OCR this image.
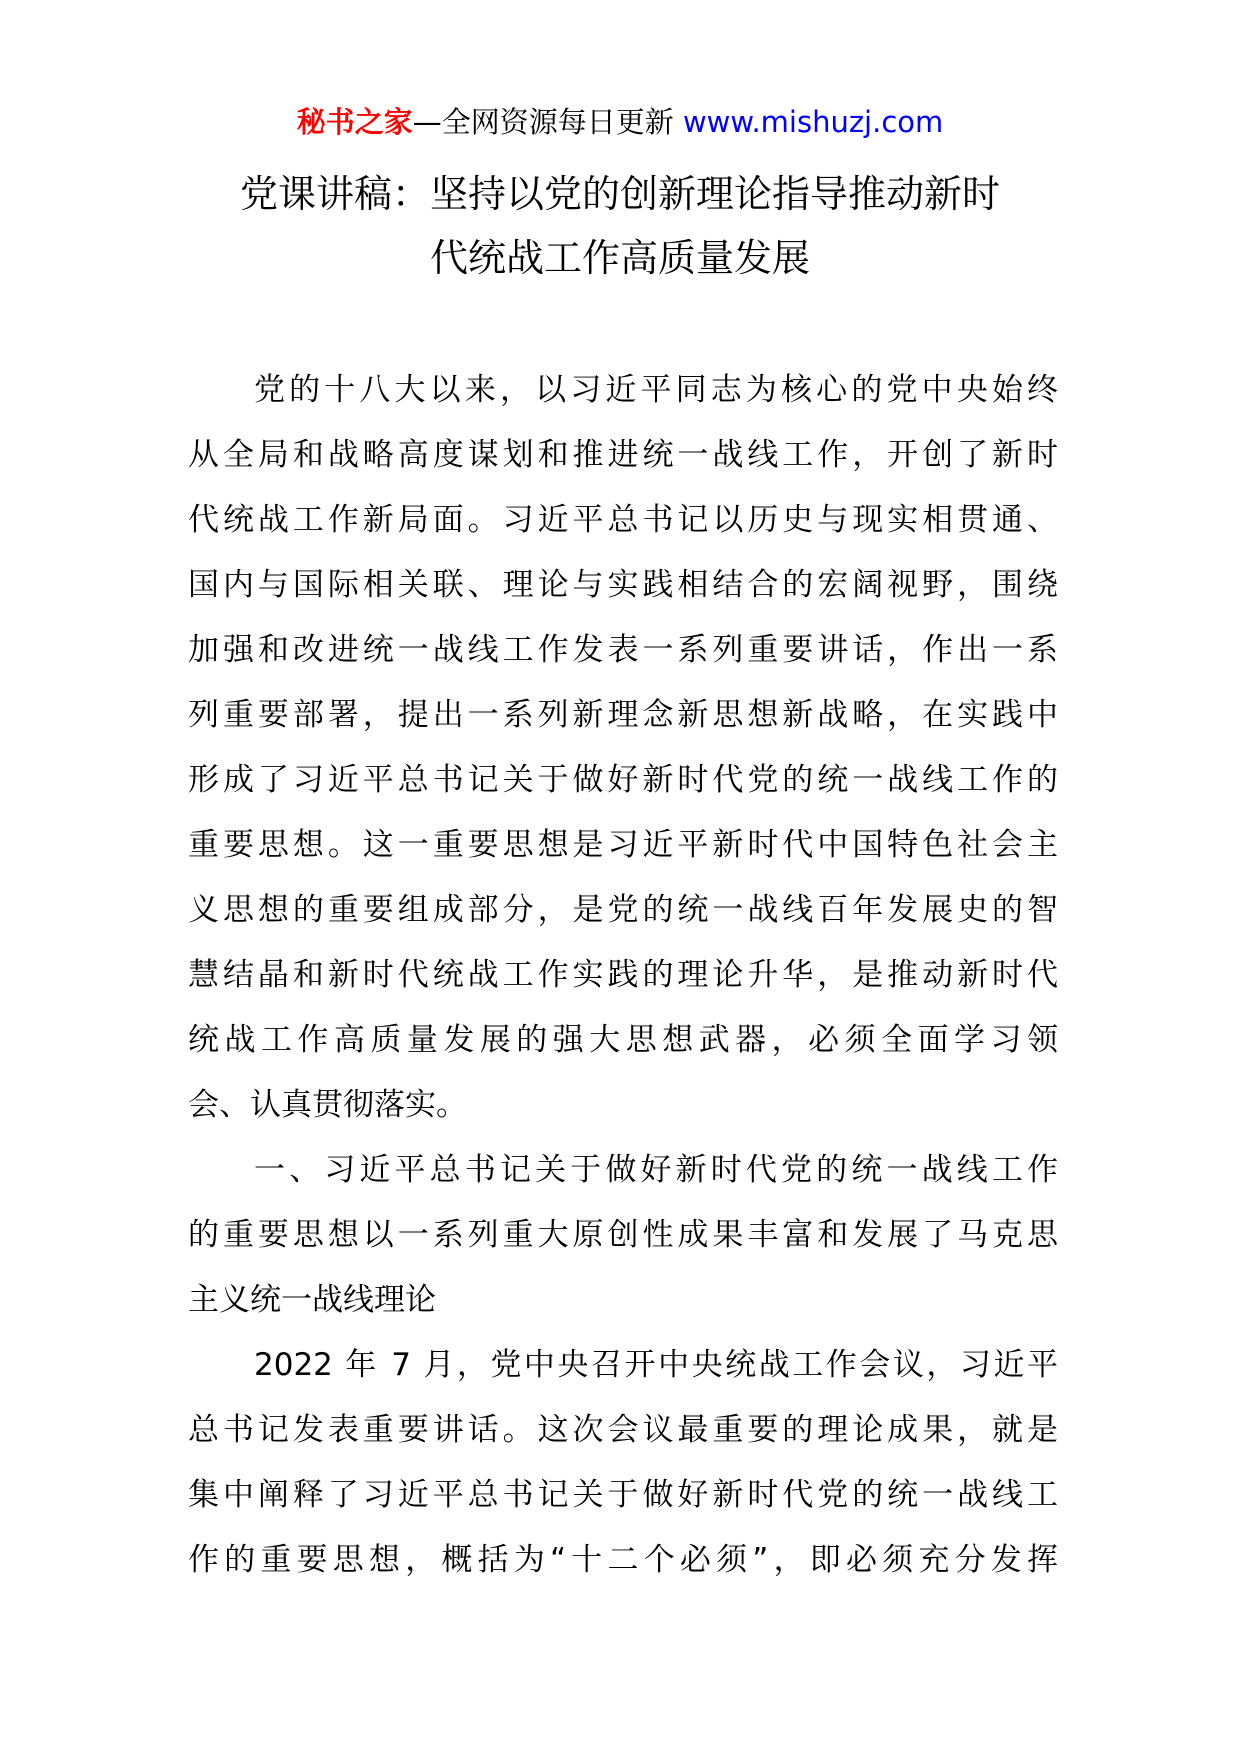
秘书之家—全网资源每日更新 www.mishuzj.com
党课讲稿：坚持以党的创新理论指导推动新时
代统战工作高质量发展
党的十八大以来，以习近平同志为核心的党中央始终
从全局和战略高度谋划和推进统一战线工作，开创了新时
代统战工作新局面。习近平总书记以历史与现实相贯通、
国内与国际相关联、理论与实践相结合的宏阔视野，围绕
加强和改进统一战线工作发表一系列重要讲话，作出一系
列重要部署，提出一系列新理念新思想新战略，在实践中
形成了习近平总书记关于做好新时代党的统一战线工作的
重要思想。这一重要思想是习近平新时代中国特色社会主
义思想的重要组成部分，是党的统一战线百年发展史的智
慧结晶和新时代统战工作实践的理论升华，是推动新时代
统战工作高质量发展的强大思想武器，必须全面学习领
会、认真贯彻落实。
一、习近平总书记关于做好新时代党的统一战线工作
的重要思想以一系列重大原创性成果丰富和发展了马克思
主义统一战线理论
2022 年 7 月，党中央召开中央统战工作会议，习近平
总书记发表重要讲话。这次会议最重要的理论成果，就是
集中阐释了习近平总书记关于做好新时代党的统一战线工
作的重要思想，概括为“十二个必须”，即必须充分发挥
